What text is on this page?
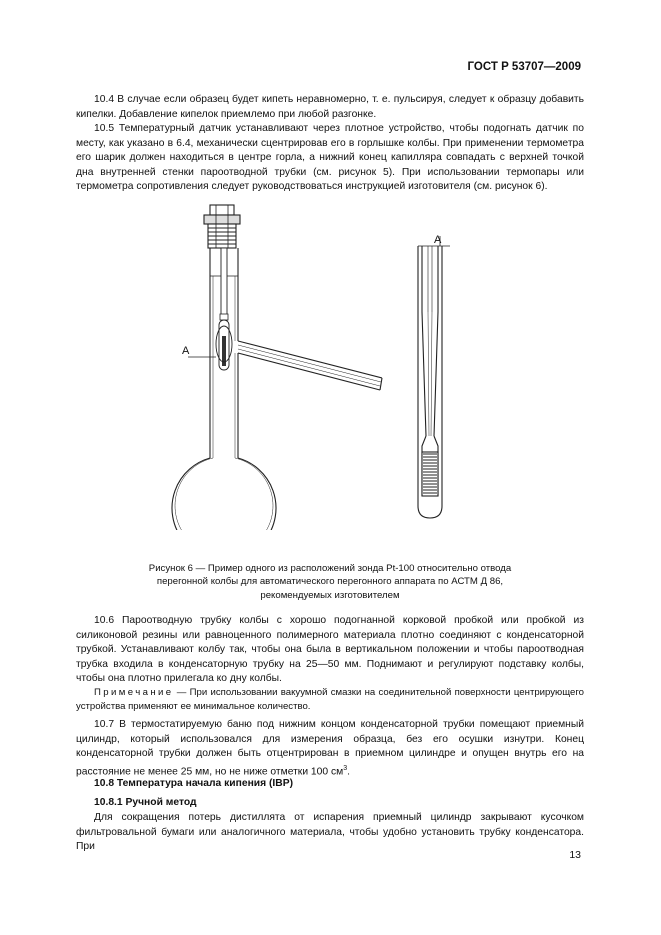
ГОСТ Р 53707—2009

10.4 В случае если образец будет кипеть неравномерно, т. е. пульсируя, следует к образцу добавить кипелки. Добавление кипелок приемлемо при любой разгонке.

10.5 Температурный датчик устанавливают через плотное устройство, чтобы подогнать датчик по месту, как указано в 6.4, механически сцентрировав его в горлышке колбы. При применении термометра его шарик должен находиться в центре горла, а нижний конец капилляра совпадать с верхней точкой дна внутренней стенки пароотводной трубки (см. рисунок 5). При использовании термопары или термометра сопротивления следует руководствоваться инструкцией изготовителя (см. рисунок 6).

А
А
Рисунок 6 — Пример одного из расположений зонда Pt-100 относительно отвода
перегонной колбы для автоматического перегонного аппарата по АСТМ Д 86,
рекомендуемых изготовителем

10.6 Пароотводную трубку колбы с хорошо подогнанной корковой пробкой или пробкой из силиконовой резины или равноценного полимерного материала плотно соединяют с конденсаторной трубкой. Устанавливают колбу так, чтобы она была в вертикальном положении и чтобы пароотводная трубка входила в конденсаторную трубку на 25—50 мм. Поднимают и регулируют подставку колбы, чтобы она плотно прилегала ко дну колбы.

Примечание — При использовании вакуумной смазки на соединительной поверхности центрирующего устройства применяют ее минимальное количество.

10.7 В термостатируемую баню под нижним концом конденсаторной трубки помещают приемный цилиндр, который использовался для измерения образца, без его осушки изнутри. Конец конденсаторной трубки должен быть отцентрирован в приемном цилиндре и опущен внутрь его на расстояние не менее 25 мм, но не ниже отметки 100 $см^3$.

10.8 Температура начала кипения (IBP)

10.8.1 Ручной метод

Для сокращения потерь дистиллята от испарения приемный цилиндр закрывают кусочком фильтровальной бумаги или аналогичного материала, чтобы удобно установить трубку конденсатора. При

13
